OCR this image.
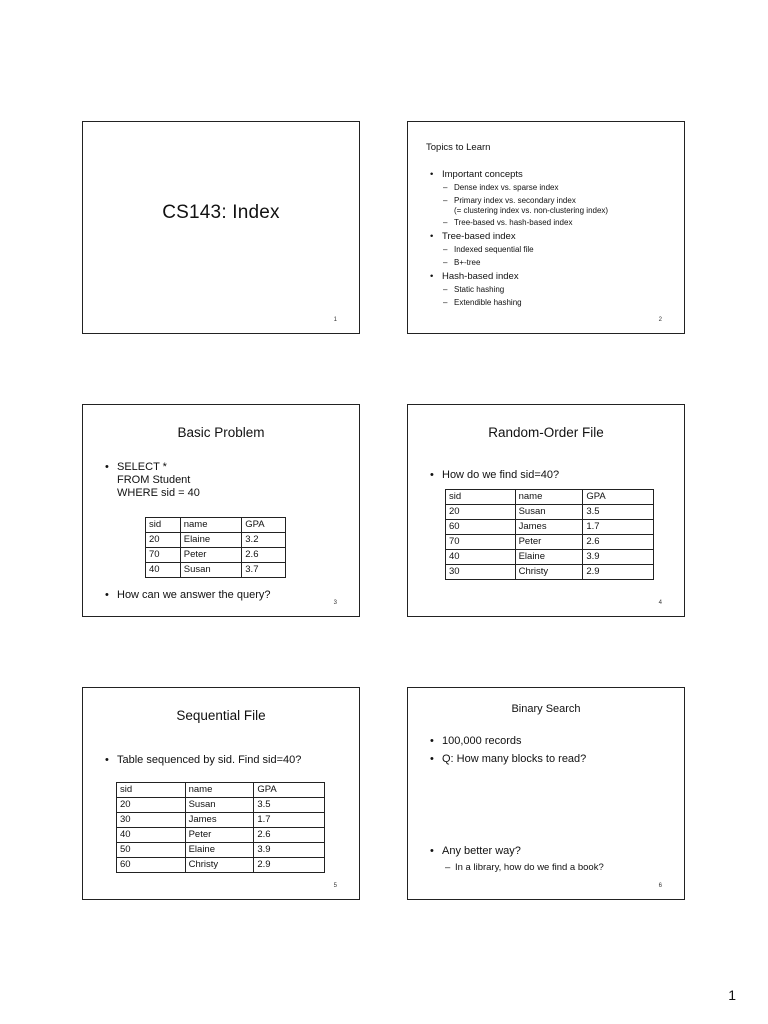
CS143: Index
1
Topics to Learn
• Important concepts
– Dense index vs. sparse index
– Primary index vs. secondary index
(= clustering index vs. non-clustering index)
– Tree-based vs. hash-based index
• Tree-based index
– Indexed sequential file
– B+-tree
• Hash-based index
– Static hashing
– Extendible hashing
2
Basic Problem
• SELECT *
FROM Student
WHERE sid = 40
sid	name	GPA
20	Elaine	3.2
70	Peter	2.6
40	Susan	3.7
• How can we answer the query?
3
Random-Order File
• How do we find sid=40?
sid	name	GPA
20	Susan	3.5
60	James	1.7
70	Peter	2.6
40	Elaine	3.9
30	Christy	2.9
4
Sequential File
• Table sequenced by sid. Find sid=40?
sid	name	GPA
20	Susan	3.5
30	James	1.7
40	Peter	2.6
50	Elaine	3.9
60	Christy	2.9
5
Binary Search
• 100,000 records
• Q: How many blocks to read?
• Any better way?
– In a library, how do we find a book?
6
1
